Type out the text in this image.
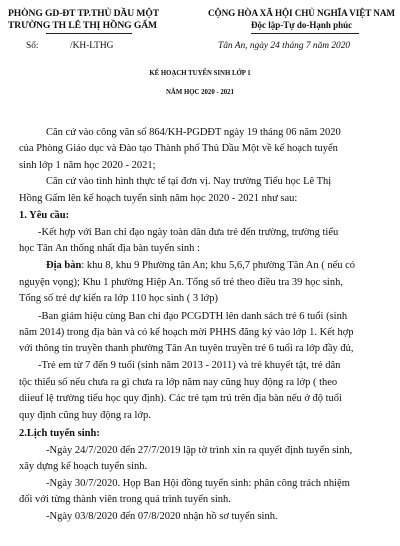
PHÒNG GD-ĐT TP.THỦ DẦU MỘT
TRƯỜNG TH LÊ THỊ HỒNG GẤM
CỘNG HÒA XÃ HỘI CHỦ NGHĨA VIỆT NAM
Độc lập-Tự do-Hạnh phúc
Số:	/KH-LTHG	Tân An, ngày 24 tháng 7 năm 2020
KẾ HOẠCH TUYỂN SINH LỚP 1
NĂM HỌC 2020 - 2021
Căn cứ vào công văn số 864/KH-PGDĐT ngày 19 tháng 06 năm 2020
của Phòng Giáo dục và Đào tạo Thành phố Thủ Dầu Một về kế hoạch tuyển
sinh lớp 1 năm học 2020 - 2021;
Căn cứ vào tình hình thực tế tại đơn vị. Nay trường Tiểu học Lê Thị
Hồng Gấm lên kế hoạch tuyển sinh năm học 2020 - 2021 như sau:
1. Yêu cầu:
-Kết hợp với Ban chỉ đạo ngày toàn dân đưa trẻ đến trường, trường tiểu
học Tân An thống nhất địa bàn tuyển sinh :
Địa bàn: khu 8, khu 9 Phường tân An; khu 5,6,7 phường Tân An ( nếu có
nguyện vọng); Khu 1 phường Hiệp An. Tổng số trẻ theo điều tra 39 học sinh,
Tổng số trẻ dự kiến ra lớp 110 học sinh ( 3 lớp)
-Ban giám hiệu cùng Ban chỉ đạo PCGDTH lên danh sách trẻ 6 tuổi (sinh
năm 2014) trong địa bàn và có kế hoạch mời PHHS đăng ký vào lớp 1. Kết hợp
với thông tin truyền thanh phường Tân An tuyên truyền trẻ 6 tuổi ra lớp đầy đủ,
-Trẻ em từ 7 đến 9 tuổi (sinh năm 2013 - 2011) và trẻ khuyết tật, trẻ dân
tộc thiểu số nếu chưa ra gì chưa ra lớp năm nay cũng huy động ra lớp ( theo
diieuf lệ trường tiểu học quy định). Các trẻ tạm trú trên địa bàn nếu ở độ tuổi
quy định cũng huy động ra lớp.
2.Lịch tuyển sinh:
-Ngày 24/7/2020 đến 27/7/2019 lập tờ trình xin ra quyết định tuyển sinh,
xây dựng kế hoạch tuyển sinh.
-Ngày 30/7/2020. Họp Ban Hội đồng tuyển sinh: phân công trách nhiệm
đối với từng thành viên trong quá trình tuyển sinh.
-Ngày 03/8/2020 đến 07/8/2020 nhận hồ sơ tuyển sinh.
